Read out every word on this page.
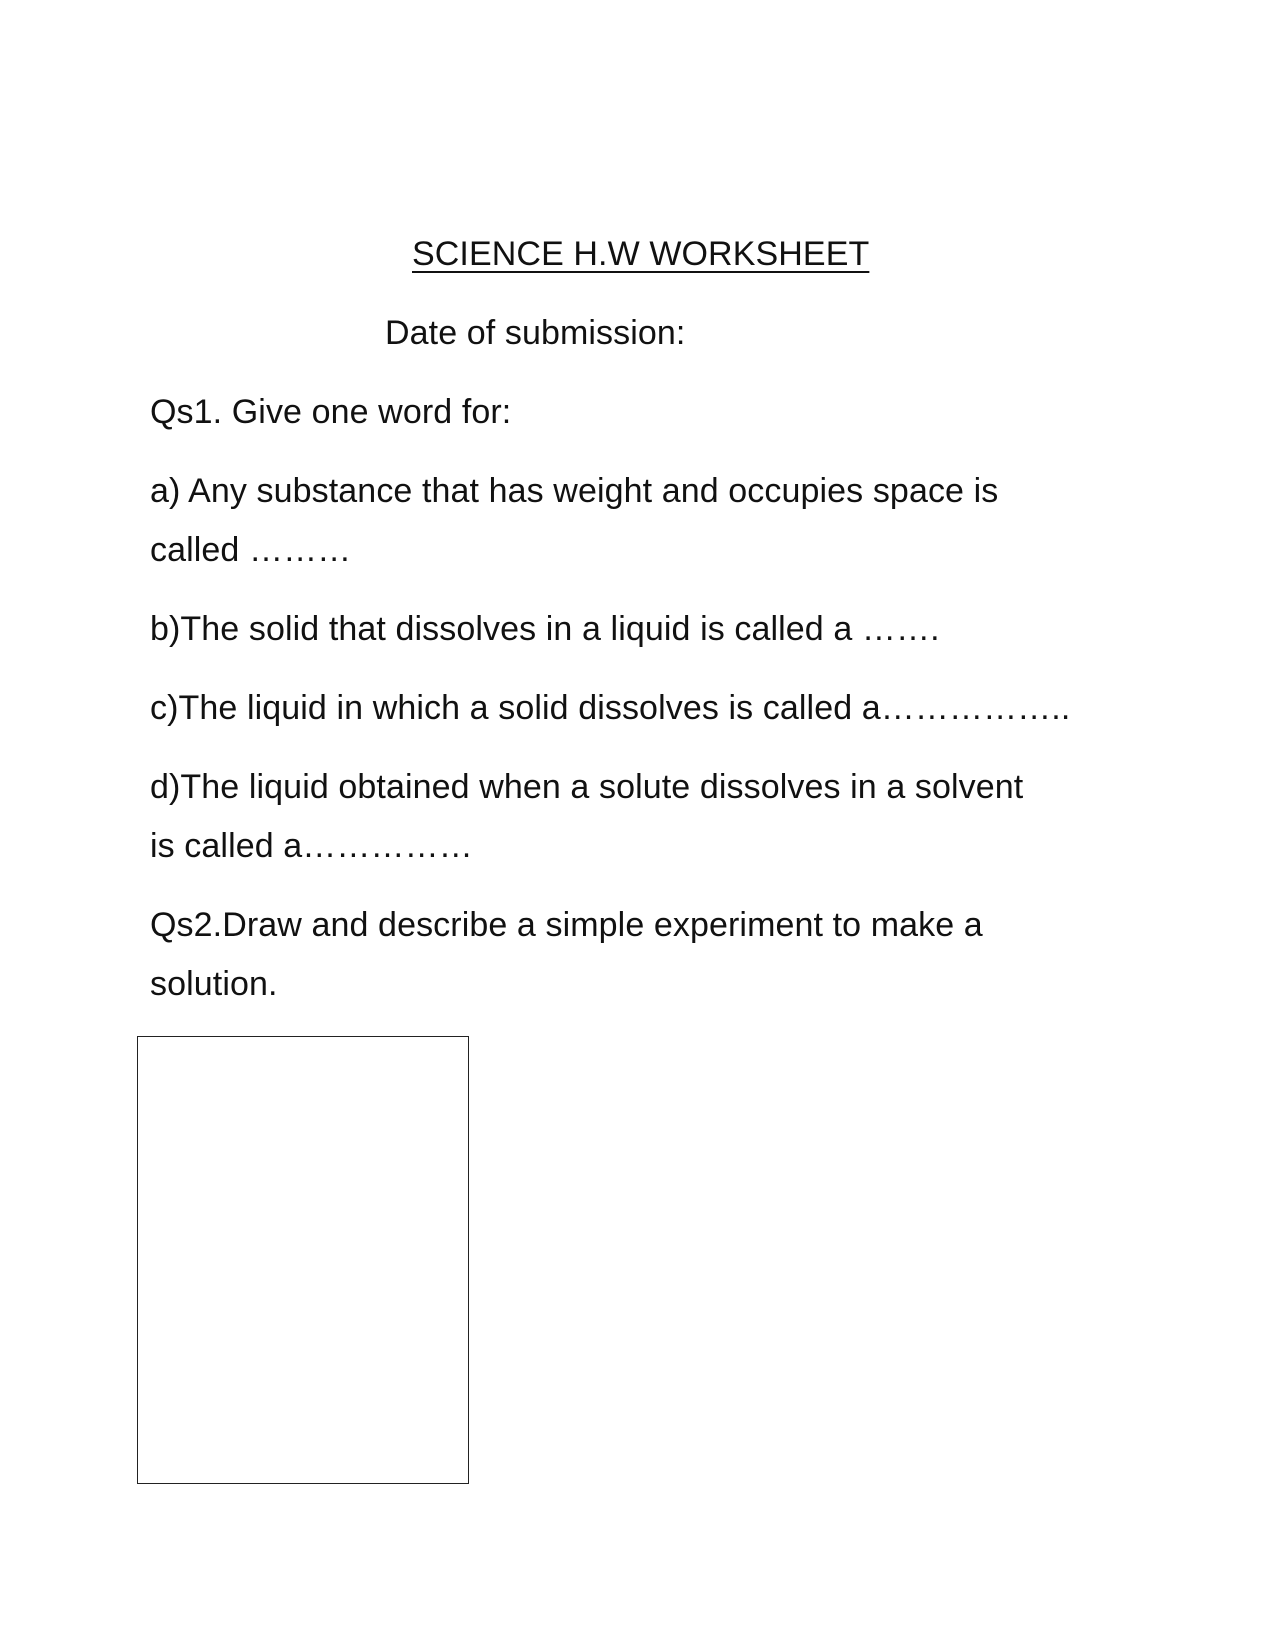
SCIENCE H.W WORKSHEET
Date of submission:
Qs1. Give one word for:
a) Any substance that has weight and occupies space is
called ………
b)The solid that dissolves in a liquid is called a …….
c)The liquid in which a solid dissolves is called a……………..
d)The liquid obtained when a solute dissolves in a solvent
is called a……………
Qs2.Draw and describe a simple experiment to make a
solution.
